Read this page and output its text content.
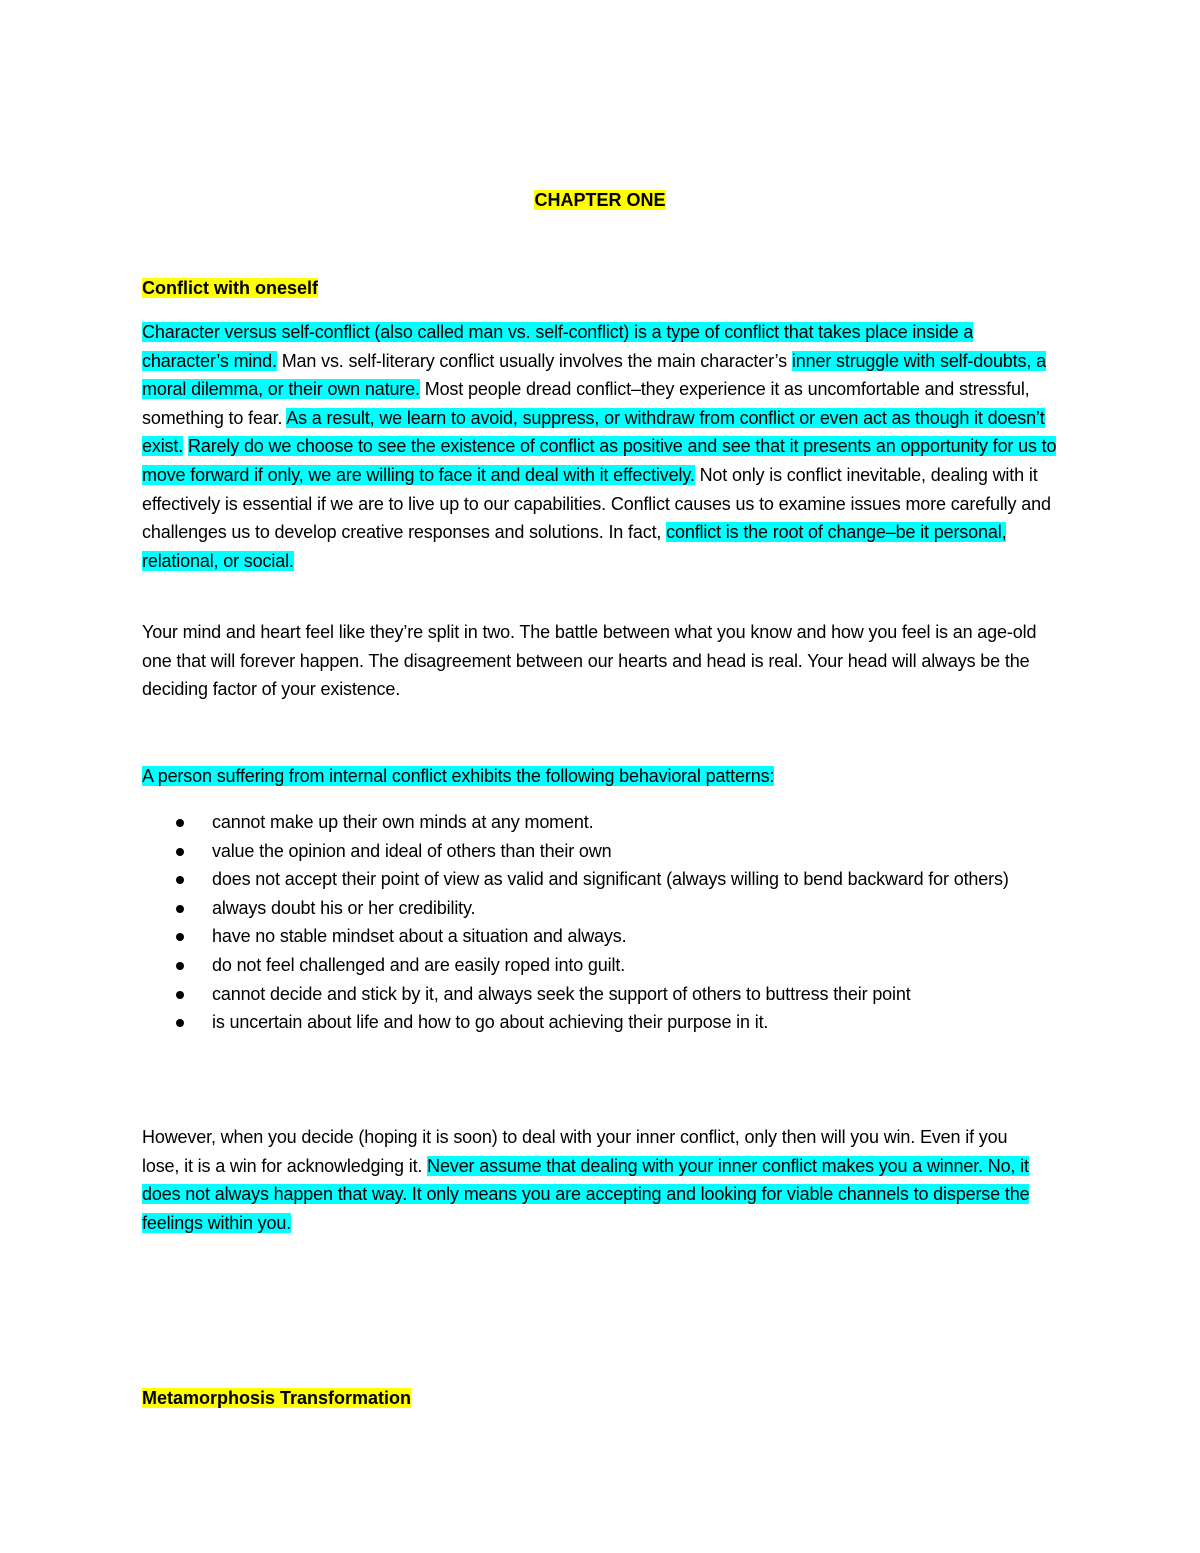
CHAPTER ONE
Conflict with oneself

Character versus self-conflict (also called man vs. self-conflict) is a type of conflict that takes place inside a character’s mind. Man vs. self-literary conflict usually involves the main character’s inner struggle with self-doubts, a moral dilemma, or their own nature. Most people dread conflict–they experience it as uncomfortable and stressful, something to fear. As a result, we learn to avoid, suppress, or withdraw from conflict or even act as though it doesn’t exist. Rarely do we choose to see the existence of conflict as positive and see that it presents an opportunity for us to move forward if only, we are willing to face it and deal with it effectively. Not only is conflict inevitable, dealing with it effectively is essential if we are to live up to our capabilities. Conflict causes us to examine issues more carefully and challenges us to develop creative responses and solutions. In fact, conflict is the root of change–be it personal, relational, or social.

Your mind and heart feel like they’re split in two. The battle between what you know and how you feel is an age-old one that will forever happen. The disagreement between our hearts and head is real. Your head will always be the deciding factor of your existence.

A person suffering from internal conflict exhibits the following behavioral patterns:

cannot make up their own minds at any moment.
value the opinion and ideal of others than their own
does not accept their point of view as valid and significant (always willing to bend backward for others)
always doubt his or her credibility.
have no stable mindset about a situation and always.
do not feel challenged and are easily roped into guilt.
cannot decide and stick by it, and always seek the support of others to buttress their point
is uncertain about life and how to go about achieving their purpose in it.

However, when you decide (hoping it is soon) to deal with your inner conflict, only then will you win. Even if you lose, it is a win for acknowledging it. Never assume that dealing with your inner conflict makes you a winner. No, it does not always happen that way. It only means you are accepting and looking for viable channels to disperse the feelings within you.

Metamorphosis Transformation
